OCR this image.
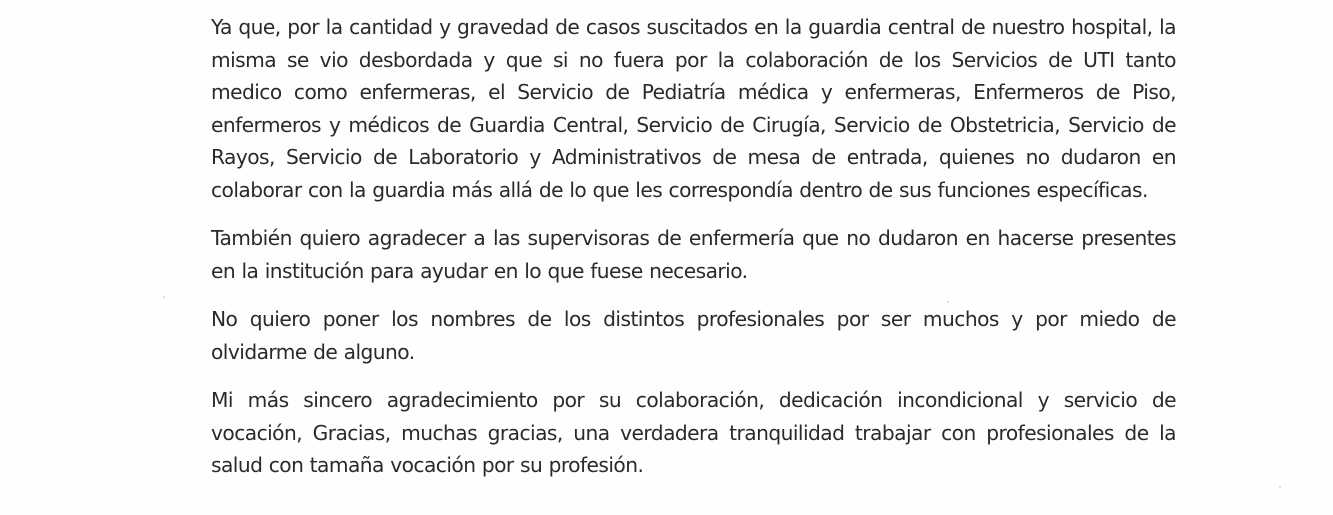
Ya que, por la cantidad y gravedad de casos suscitados en la guardia central de nuestro hospital, la misma se vio desbordada y que si no fuera por la colaboración de los Servicios de UTI tanto medico como enfermeras, el Servicio de Pediatría médica y enfermeras, Enfermeros de Piso, enfermeros y médicos de Guardia Central, Servicio de Cirugía, Servicio de Obstetricia, Servicio de Rayos, Servicio de Laboratorio y Administrativos de mesa de entrada, quienes no dudaron en colaborar con la guardia más allá de lo que les correspondía dentro de sus funciones específicas.

También quiero agradecer a las supervisoras de enfermería que no dudaron en hacerse presentes en la institución para ayudar en lo que fuese necesario.

No quiero poner los nombres de los distintos profesionales por ser muchos y por miedo de olvidarme de alguno.

Mi más sincero agradecimiento por su colaboración, dedicación incondicional y servicio de vocación, Gracias, muchas gracias, una verdadera tranquilidad trabajar con profesionales de la salud con tamaña vocación por su profesión.
